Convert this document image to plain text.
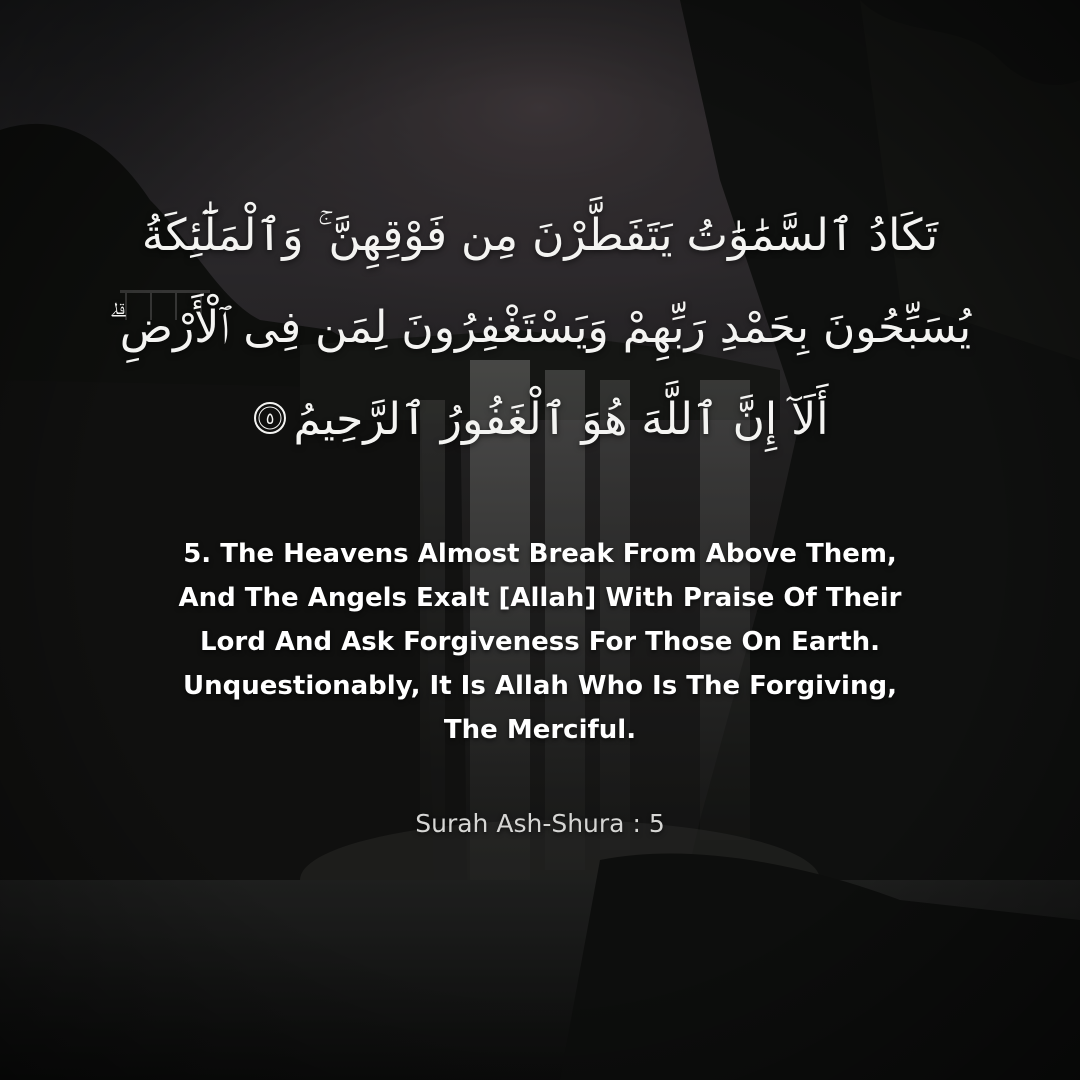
تَكَادُ ٱلسَّمَٰوَٰتُ يَتَفَطَّرْنَ مِن فَوْقِهِنَّ ۚ وَٱلْمَلَٰٓئِكَةُ
يُسَبِّحُونَ بِحَمْدِ رَبِّهِمْ وَيَسْتَغْفِرُونَ لِمَن فِى ٱلْأَرْضِ ۗ
أَلَآ إِنَّ ٱللَّهَ هُوَ ٱلْغَفُورُ ٱلرَّحِيمُ
٥
5. The Heavens Almost Break From Above Them,
And The Angels Exalt [Allah] With Praise Of Their
Lord And Ask Forgiveness For Those On Earth.
Unquestionably, It Is Allah Who Is The Forgiving,
The Merciful.
Surah Ash-Shura : 5
